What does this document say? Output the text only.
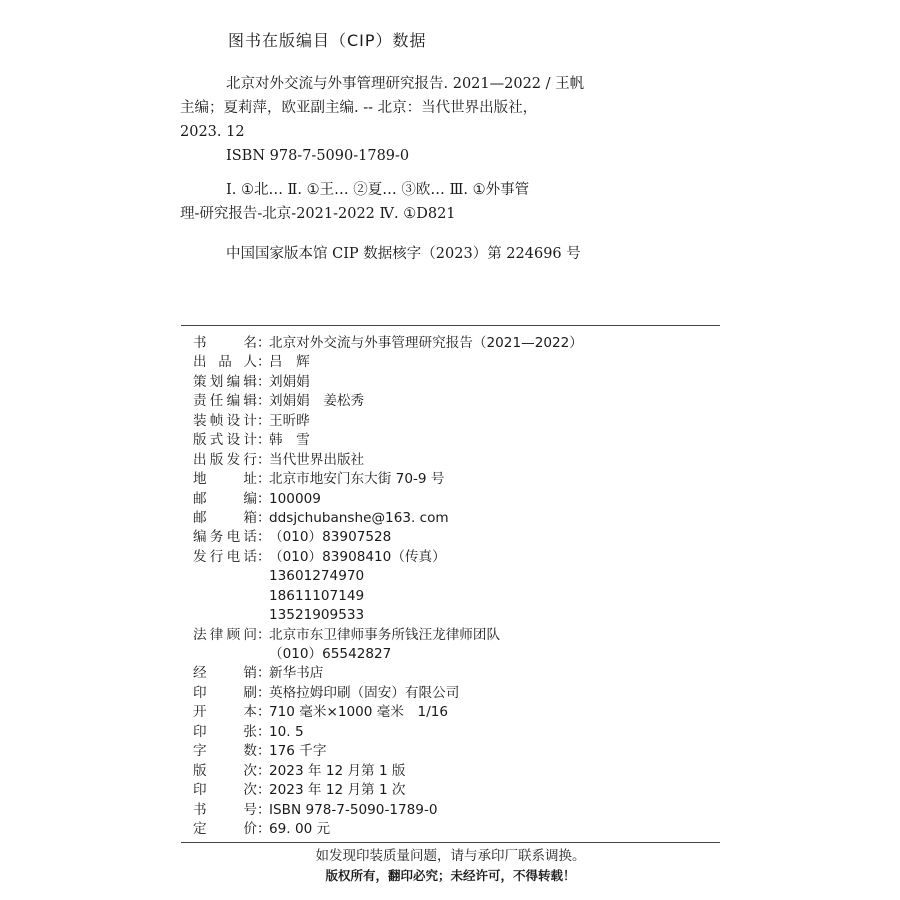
图书在版编目（CIP）数据
北京对外交流与外事管理研究报告. 2021—2022 / 王帆
主编；夏莉萍，欧亚副主编. -- 北京：当代世界出版社，
2023. 12
ISBN 978-7-5090-1789-0
Ⅰ. ①北… Ⅱ. ①王… ②夏… ③欧… Ⅲ. ①外事管
理-研究报告-北京-2021-2022 Ⅳ. ①D821
中国国家版本馆 CIP 数据核字（2023）第 224696 号
书	名 ：
北京对外交流与外事管理研究报告（2021—2022）
出 品 人 ：
吕　辉
策 划 编 辑 ：
刘娟娟
责 任 编 辑 ：
刘娟娟　姜松秀
装 帧 设 计 ：
王昕晔
版 式 设 计 ：
韩　雪
出 版 发 行 ：
当代世界出版社
地	址 ：
北京市地安门东大街 70-9 号
邮	编 ：
100009
邮	箱 ：
ddsjchubanshe@163. com
编 务 电 话 ：
（010）83907528
发 行 电 话 ：
（010）83908410（传真）
13601274970
18611107149
13521909533
法 律 顾 问 ：
北京市东卫律师事务所钱汪龙律师团队
（010）65542827
经	销 ：
新华书店
印	刷 ：
英格拉姆印刷（固安）有限公司
开	本 ：
710 毫米×1000 毫米　1/16
印	张 ：
10. 5
字	数 ：
176 千字
版	次 ：
2023 年 12 月第 1 版
印	次 ：
2023 年 12 月第 1 次
书	号 ：
ISBN 978-7-5090-1789-0
定	价 ：
69. 00 元
如发现印装质量问题，请与承印厂联系调换。
版权所有，翻印必究；未经许可，不得转载！
